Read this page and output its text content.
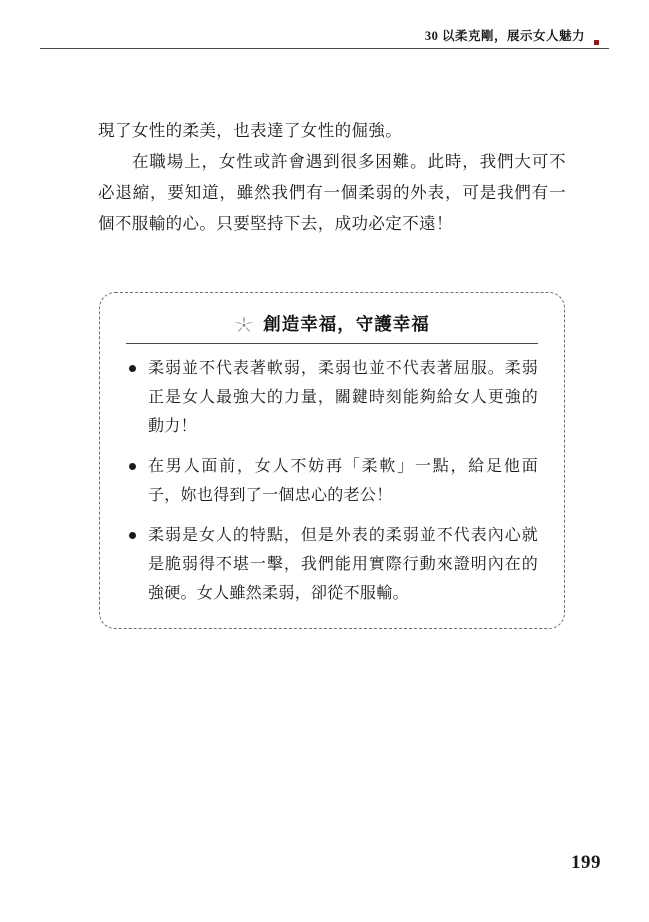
30 以柔克剛，展示女人魅力

現了女性的柔美，也表達了女性的倔強。

在職場上，女性或許會遇到很多困難。此時，我們大可不必退縮，要知道，雖然我們有一個柔弱的外表，可是我們有一個不服輸的心。只要堅持下去，成功必定不遠！

創造幸福，守護幸福
柔弱並不代表著軟弱，柔弱也並不代表著屈服。柔弱正是女人最強大的力量，關鍵時刻能夠給女人更強的動力！
在男人面前，女人不妨再「柔軟」一點，給足他面子，妳也得到了一個忠心的老公！
柔弱是女人的特點，但是外表的柔弱並不代表內心就是脆弱得不堪一擊，我們能用實際行動來證明內在的強硬。女人雖然柔弱，卻從不服輸。
199
